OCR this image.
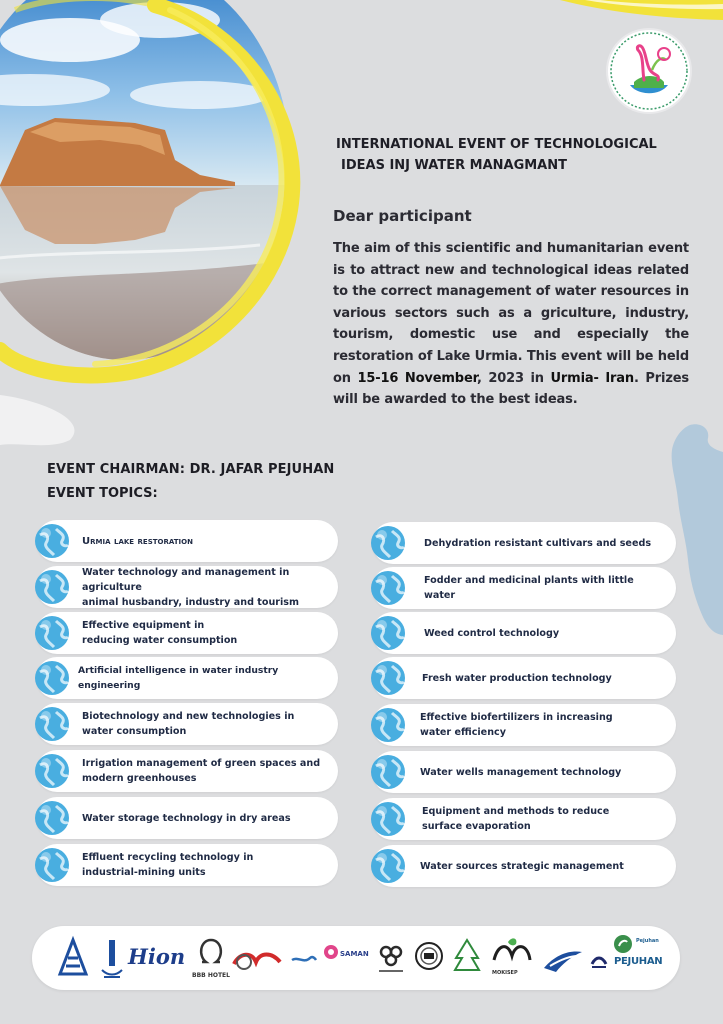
INTERNATIONAL EVENT OF TECHNOLOGICAL
IDEAS INJ WATER MANAGMANT
Dear participant
The aim of this scientific and humanitarian event is to attract new and technological ideas related to the correct management of water resources in various sectors such as a griculture, industry, tourism, domestic use and especially the restoration of Lake Urmia. This event will be held on 15-16 November, 2023 in Urmia- Iran. Prizes will be awarded to the best ideas.
EVENT CHAIRMAN: DR. JAFAR PEJUHAN
EVENT TOPICS:
Urmia lake restoration
Water technology and management in agriculture
animal husbandry, industry and tourism
Effective equipment in
reducing water consumption
Artificial intelligence in water industry engineering
Biotechnology and new technologies in
water consumption
Irrigation management of green spaces and
modern greenhouses
Water storage technology in dry areas
Effluent recycling technology in
industrial-mining units
Dehydration resistant cultivars and seeds
Fodder and medicinal plants with little water
Weed control technology
Fresh water production technology
Effective biofertilizers in increasing
water efficiency
Water wells management technology
Equipment and methods to reduce
surface evaporation
Water sources strategic management
Hion
BBB HOTEL
SAMAN
MOKISEP
Pejuhan
PEJUHAN
